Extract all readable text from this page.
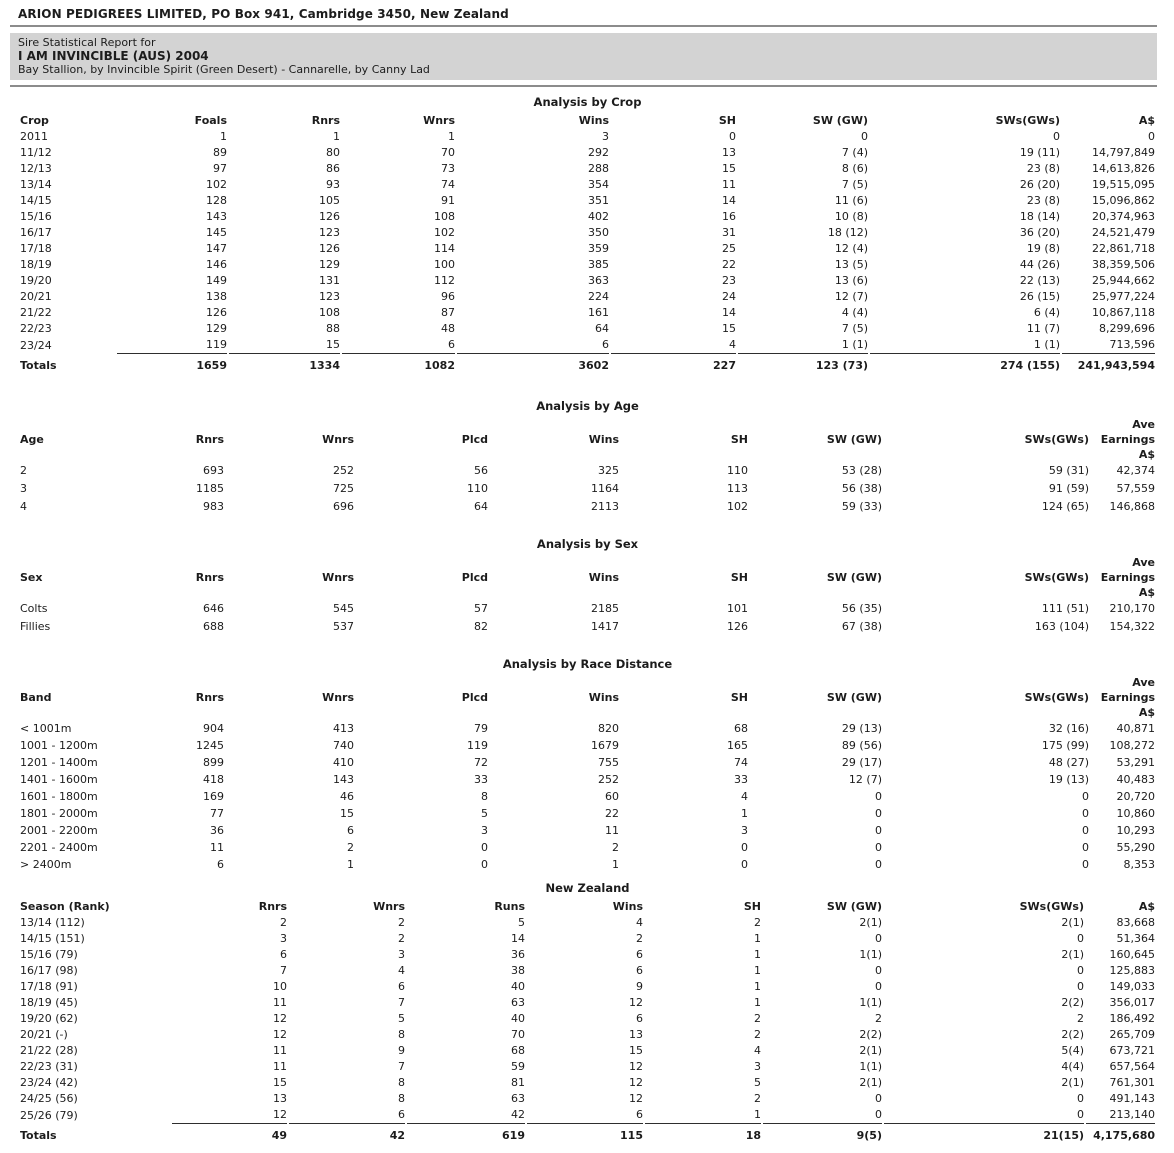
ARION PEDIGREES LIMITED, PO Box 941, Cambridge 3450, New Zealand
Sire Statistical Report for
I AM INVINCIBLE (AUS) 2004
Bay Stallion, by Invincible Spirit (Green Desert) - Cannarelle, by Canny Lad
Analysis by Crop
Crop	Foals	Rnrs	Wnrs	Wins	SH	SW (GW)	SWs(GWs)	A$
2011	1	1	1	3	0	0	0	0
11/12	89	80	70	292	13	7 (4)	19 (11)	14,797,849
12/13	97	86	73	288	15	8 (6)	23 (8)	14,613,826
13/14	102	93	74	354	11	7 (5)	26 (20)	19,515,095
14/15	128	105	91	351	14	11 (6)	23 (8)	15,096,862
15/16	143	126	108	402	16	10 (8)	18 (14)	20,374,963
16/17	145	123	102	350	31	18 (12)	36 (20)	24,521,479
17/18	147	126	114	359	25	12 (4)	19 (8)	22,861,718
18/19	146	129	100	385	22	13 (5)	44 (26)	38,359,506
19/20	149	131	112	363	23	13 (6)	22 (13)	25,944,662
20/21	138	123	96	224	24	12 (7)	26 (15)	25,977,224
21/22	126	108	87	161	14	4 (4)	6 (4)	10,867,118
22/23	129	88	48	64	15	7 (5)	11 (7)	8,299,696
23/24	119	15	6	6	4	1 (1)	1 (1)	713,596
Totals	1659	1334	1082	3602	227	123 (73)	274 (155)	241,943,594
Analysis by Age
Age	Rnrs	Wnrs	Plcd	Wins	SH	SW (GW)	SWs(GWs)	Ave
Earnings
A$

2	693	252	56	325	110	53 (28)	59 (31)	42,374
3	1185	725	110	1164	113	56 (38)	91 (59)	57,559
4	983	696	64	2113	102	59 (33)	124 (65)	146,868
Analysis by Sex
Sex	Rnrs	Wnrs	Plcd	Wins	SH	SW (GW)	SWs(GWs)	Ave
Earnings
A$

Colts	646	545	57	2185	101	56 (35)	111 (51)	210,170
Fillies	688	537	82	1417	126	67 (38)	163 (104)	154,322
Analysis by Race Distance
Band	Rnrs	Wnrs	Plcd	Wins	SH	SW (GW)	SWs(GWs)	Ave
Earnings
A$

< 1001m	904	413	79	820	68	29 (13)	32 (16)	40,871
1001 - 1200m	1245	740	119	1679	165	89 (56)	175 (99)	108,272
1201 - 1400m	899	410	72	755	74	29 (17)	48 (27)	53,291
1401 - 1600m	418	143	33	252	33	12 (7)	19 (13)	40,483
1601 - 1800m	169	46	8	60	4	0	0	20,720
1801 - 2000m	77	15	5	22	1	0	0	10,860
2001 - 2200m	36	6	3	11	3	0	0	10,293
2201 - 2400m	11	2	0	2	0	0	0	55,290
> 2400m	6	1	0	1	0	0	0	8,353
New Zealand
Season (Rank)	Rnrs	Wnrs	Runs	Wins	SH	SW (GW)	SWs(GWs)	A$
13/14 (112)	2	2	5	4	2	2(1)	2(1)	83,668
14/15 (151)	3	2	14	2	1	0	0	51,364
15/16 (79)	6	3	36	6	1	1(1)	2(1)	160,645
16/17 (98)	7	4	38	6	1	0	0	125,883
17/18 (91)	10	6	40	9	1	0	0	149,033
18/19 (45)	11	7	63	12	1	1(1)	2(2)	356,017
19/20 (62)	12	5	40	6	2	2	2	186,492
20/21 (-)	12	8	70	13	2	2(2)	2(2)	265,709
21/22 (28)	11	9	68	15	4	2(1)	5(4)	673,721
22/23 (31)	11	7	59	12	3	1(1)	4(4)	657,564
23/24 (42)	15	8	81	12	5	2(1)	2(1)	761,301
24/25 (56)	13	8	63	12	2	0	0	491,143
25/26 (79)	12	6	42	6	1	0	0	213,140
Totals	49	42	619	115	18	9(5)	21(15)	4,175,680
